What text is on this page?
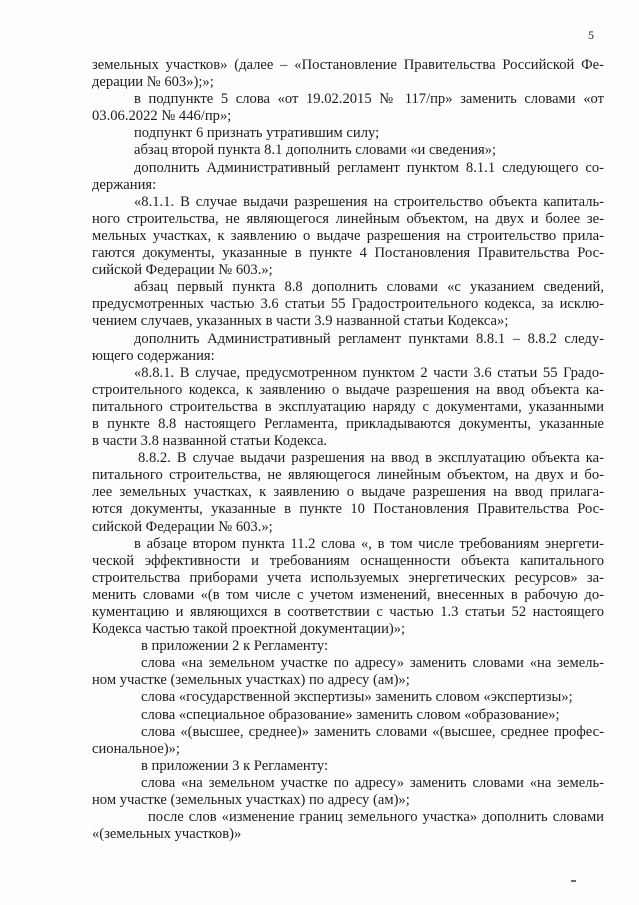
5
земельных участков» (далее – «Постановление Правительства Российской Фе-
дерации № 603»);»;
в подпункте 5 слова «от 19.02.2015 № 117/пр» заменить словами «от
03.06.2022 № 446/пр»;
подпункт 6 признать утратившим силу;
абзац второй пункта 8.1 дополнить словами «и сведения»;
дополнить Административный регламент пунктом 8.1.1 следующего со-
держания:
«8.1.1. В случае выдачи разрешения на строительство объекта капиталь-
ного строительства, не являющегося линейным объектом, на двух и более зе-
мельных участках, к заявлению о выдаче разрешения на строительство прила-
гаются документы, указанные в пункте 4 Постановления Правительства Рос-
сийской Федерации № 603.»;
абзац первый пункта 8.8 дополнить словами «с указанием сведений,
предусмотренных частью 3.6 статьи 55 Градостроительного кодекса, за исклю-
чением случаев, указанных в части 3.9 названной статьи Кодекса»;
дополнить Административный регламент пунктами 8.8.1 – 8.8.2 следу-
ющего содержания:
«8.8.1. В случае, предусмотренном пунктом 2 части 3.6 статьи 55 Градо-
строительного кодекса, к заявлению о выдаче разрешения на ввод объекта ка-
питального строительства в эксплуатацию наряду с документами, указанными
в пункте 8.8 настоящего Регламента, прикладываются документы, указанные
в части 3.8 названной статьи Кодекса.
8.8.2. В случае выдачи разрешения на ввод в эксплуатацию объекта ка-
питального строительства, не являющегося линейным объектом, на двух и бо-
лее земельных участках, к заявлению о выдаче разрешения на ввод прилага-
ются документы, указанные в пункте 10 Постановления Правительства Рос-
сийской Федерации № 603.»;
в абзаце втором пункта 11.2 слова «, в том числе требованиям энергети-
ческой эффективности и требованиям оснащенности объекта капитального
строительства приборами учета используемых энергетических ресурсов» за-
менить словами «(в том числе с учетом изменений, внесенных в рабочую до-
кументацию и являющихся в соответствии с частью 1.3 статьи 52 настоящего
Кодекса частью такой проектной документации)»;
в приложении 2 к Регламенту:
слова «на земельном участке по адресу» заменить словами «на земель-
ном участке (земельных участках) по адресу (ам)»;
слова «государственной экспертизы» заменить словом «экспертизы»;
слова «специальное образование» заменить словом «образование»;
слова «(высшее, среднее)» заменить словами «(высшее, среднее профес-
сиональное)»;
в приложении 3 к Регламенту:
слова «на земельном участке по адресу» заменить словами «на земель-
ном участке (земельных участках) по адресу (ам)»;
после слов «изменение границ земельного участка» дополнить словами
«(земельных участков)»
